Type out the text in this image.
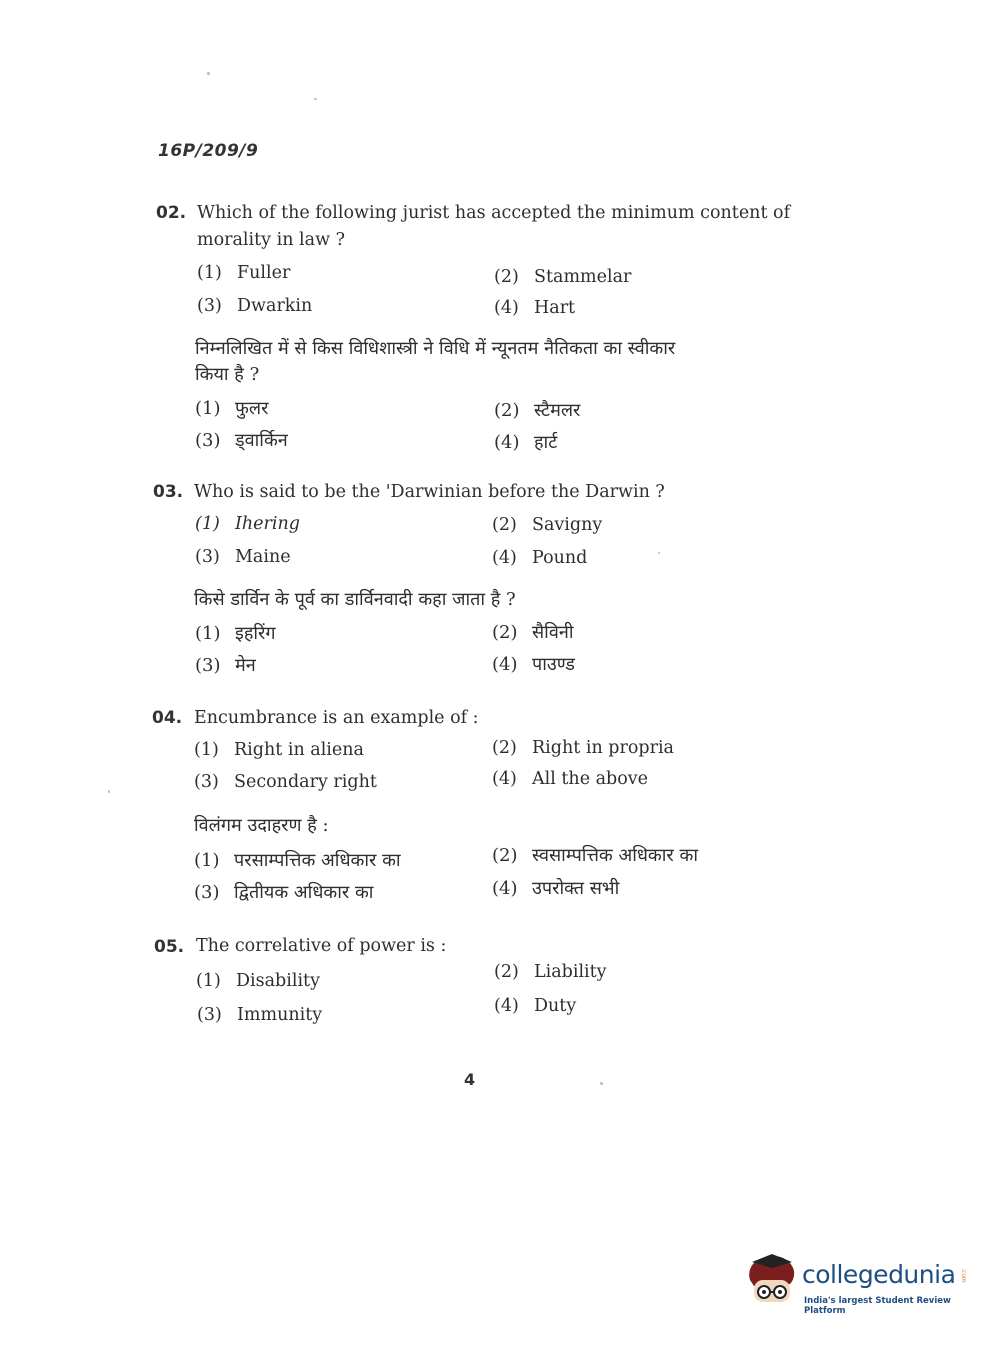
16P/209/9
02. Which of the following jurist has accepted the minimum content of
morality in law ?
(1) Fuller	(2) Stammelar
(3) Dwarkin	(4) Hart
निम्नलिखित में से किस विधिशास्त्री ने विधि में न्यूनतम नैतिकता का स्वीकार
किया है ?
(1) फुलर	(2) स्टैमलर
(3) ड्वार्किन	(4) हार्ट
03. Who is said to be the 'Darwinian before the Darwin ?
(1) Ihering	(2) Savigny
(3) Maine	(4) Pound
किसे डार्विन के पूर्व का डार्विनवादी कहा जाता है ?
(1) इहरिंग	(2) सैविनी
(3) मेन	(4) पाउण्ड
04. Encumbrance is an example of :
(1) Right in aliena	(2) Right in propria
(3) Secondary right	(4) All the above
विलंगम उदाहरण है :
(1) परसाम्पत्तिक अधिकार का	(2) स्वसाम्पत्तिक अधिकार का
(3) द्वितीयक अधिकार का	(4) उपरोक्त सभी
05. The correlative of power is :
(1) Disability	(2) Liability
(3) Immunity	(4) Duty
4
collegedunia .com
India's largest Student Review Platform
